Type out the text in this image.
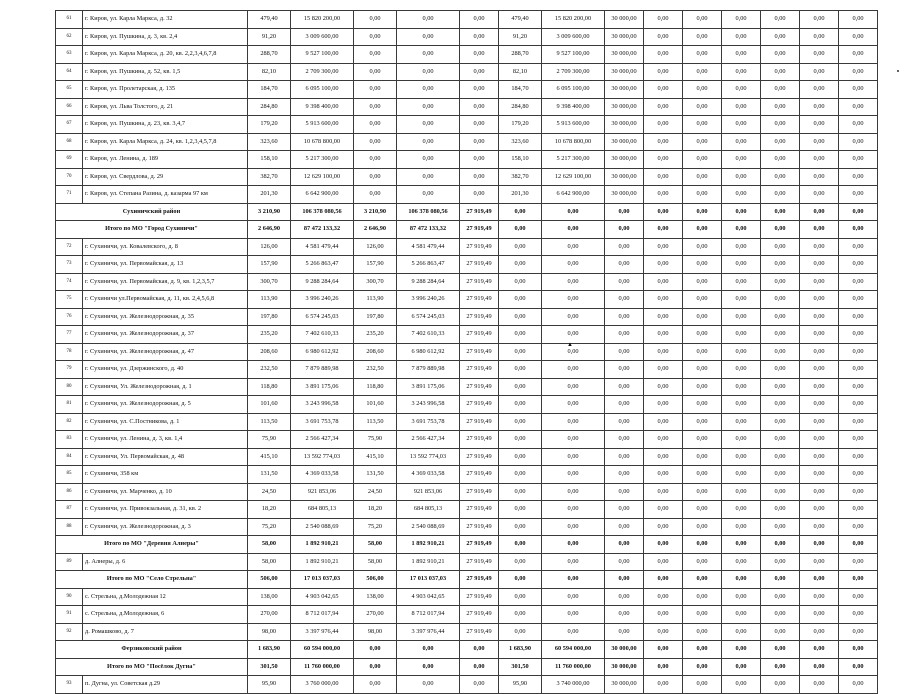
61	г. Киров, ул. Карла Маркса, д. 32	479,40	15 820 200,00	0,00	0,00	0,00	479,40	15 820 200,00	30 000,00	0,00	0,00	0,00	0,00	0,00	0,00
62	г. Киров, ул. Пушкина, д. 3, кв. 2,4	91,20	3 009 600,00	0,00	0,00	0,00	91,20	3 009 600,00	30 000,00	0,00	0,00	0,00	0,00	0,00	0,00
63	г. Киров, ул. Карла Маркса, д. 20, кв. 2,2,3,4,6,7,8	288,70	9 527 100,00	0,00	0,00	0,00	288,70	9 527 100,00	30 000,00	0,00	0,00	0,00	0,00	0,00	0,00
64	г. Киров, ул. Пушкина, д. 52, кв. 1,5	82,10	2 709 300,00	0,00	0,00	0,00	82,10	2 709 300,00	30 000,00	0,00	0,00	0,00	0,00	0,00	0,00
65	г. Киров, ул. Пролетарская, д. 135	184,70	6 095 100,00	0,00	0,00	0,00	184,70	6 095 100,00	30 000,00	0,00	0,00	0,00	0,00	0,00	0,00
66	г. Киров, ул. Льва Толстого, д. 21	284,80	9 398 400,00	0,00	0,00	0,00	284,80	9 398 400,00	30 000,00	0,00	0,00	0,00	0,00	0,00	0,00
67	г. Киров, ул. Пушкина, д. 23, кв. 3,4,7	179,20	5 913 600,00	0,00	0,00	0,00	179,20	5 913 600,00	30 000,00	0,00	0,00	0,00	0,00	0,00	0,00
68	г. Киров, ул. Карла Маркса, д. 24, кв. 1,2,3,4,5,7,8	323,60	10 678 800,00	0,00	0,00	0,00	323,60	10 678 800,00	30 000,00	0,00	0,00	0,00	0,00	0,00	0,00
69	г. Киров, ул. Ленина, д. 189	158,10	5 217 300,00	0,00	0,00	0,00	158,10	5 217 300,00	30 000,00	0,00	0,00	0,00	0,00	0,00	0,00
70	г. Киров, ул. Свердлова, д. 29	382,70	12 629 100,00	0,00	0,00	0,00	382,70	12 629 100,00	30 000,00	0,00	0,00	0,00	0,00	0,00	0,00
71	г. Киров, ул. Степана Разина, д. казарма 97 км	201,30	6 642 900,00	0,00	0,00	0,00	201,30	6 642 900,00	30 000,00	0,00	0,00	0,00	0,00	0,00	0,00
Сухиничский район		3 210,90	106 378 080,56	3 210,90	106 378 080,56	27 919,49	0,00	0,00	0,00	0,00	0,00	0,00	0,00	0,00	0,00
Итого по МО "Город Сухиничи"		2 646,90	87 472 133,32	2 646,90	87 472 133,32	27 919,49	0,00	0,00	0,00	0,00	0,00	0,00	0,00	0,00	0,00
72	г. Сухиничи, ул. Ковалевского, д. 8	126,00	4 581 479,44	126,00	4 581 479,44	27 919,49	0,00	0,00	0,00	0,00	0,00	0,00	0,00	0,00	0,00
73	г. Сухиничи, ул. Первомайская, д. 13	157,90	5 266 863,47	157,90	5 266 863,47	27 919,49	0,00	0,00	0,00	0,00	0,00	0,00	0,00	0,00	0,00
74	г. Сухиничи, ул. Первомайская, д. 9, кв. 1,2,3,5,7	300,70	9 288 284,64	300,70	9 288 284,64	27 919,49	0,00	0,00	0,00	0,00	0,00	0,00	0,00	0,00	0,00
75	г. Сухиничи ул.Первомайская, д. 11, кв. 2,4,5,6,8	113,90	3 996 240,26	113,90	3 996 240,26	27 919,49	0,00	0,00	0,00	0,00	0,00	0,00	0,00	0,00	0,00
76	г. Сухиничи, ул. Железнодорожная, д. 35	197,80	6 574 245,03	197,80	6 574 245,03	27 919,49	0,00	0,00	0,00	0,00	0,00	0,00	0,00	0,00	0,00
77	г. Сухиничи, ул. Железнодорожная, д. 37	235,20	7 402 610,33	235,20	7 402 610,33	27 919,49	0,00	0,00	0,00	0,00	0,00	0,00	0,00	0,00	0,00
78	г. Сухиничи, ул. Железнодорожная, д. 47	208,60	6 980 612,92	208,60	6 980 612,92	27 919,49	0,00	0,00	0,00	0,00	0,00	0,00	0,00	0,00	0,00
79	г. Сухиничи, ул. Дзержинского, д. 40	232,50	7 879 889,98	232,50	7 879 889,98	27 919,49	0,00	0,00	0,00	0,00	0,00	0,00	0,00	0,00	0,00
80	г. Сухиничи, Ул. Железнодорожная, д. 1	118,80	3 891 175,06	118,80	3 891 175,06	27 919,49	0,00	0,00	0,00	0,00	0,00	0,00	0,00	0,00	0,00
81	г. Сухиничи, ул. Железнодорожная, д. 5	101,60	3 243 996,58	101,60	3 243 996,58	27 919,49	0,00	0,00	0,00	0,00	0,00	0,00	0,00	0,00	0,00
82	г. Сухиничи, ул. С.Постникова, д. 1	113,50	3 691 753,78	113,50	3 691 753,78	27 919,49	0,00	0,00	0,00	0,00	0,00	0,00	0,00	0,00	0,00
83	г. Сухиничи, ул. Ленина, д. 3, кв. 1,4	75,90	2 566 427,34	75,90	2 566 427,34	27 919,49	0,00	0,00	0,00	0,00	0,00	0,00	0,00	0,00	0,00
84	г. Сухиничи, Ул. Первомайская, д. 48	415,10	13 592 774,03	415,10	13 592 774,03	27 919,49	0,00	0,00	0,00	0,00	0,00	0,00	0,00	0,00	0,00
85	г. Сухиничи, 358 км	131,50	4 369 033,58	131,50	4 369 033,58	27 919,49	0,00	0,00	0,00	0,00	0,00	0,00	0,00	0,00	0,00
86	г. Сухиничи, ул. Марченко, д. 10	24,50	921 853,06	24,50	921 853,06	27 919,49	0,00	0,00	0,00	0,00	0,00	0,00	0,00	0,00	0,00
87	г. Сухиничи, ул. Привокзальная, д. 31, кв. 2	18,20	684 805,13	18,20	684 805,13	27 919,49	0,00	0,00	0,00	0,00	0,00	0,00	0,00	0,00	0,00
88	г. Сухиничи, ул. Железнодорожная, д. 3	75,20	2 540 088,69	75,20	2 540 088,69	27 919,49	0,00	0,00	0,00	0,00	0,00	0,00	0,00	0,00	0,00
Итого по МО "Деревня Алнеры"		58,00	1 892 910,21	58,00	1 892 910,21	27 919,49	0,00	0,00	0,00	0,00	0,00	0,00	0,00	0,00	0,00
89	д. Алнеры, д. 6	58,00	1 892 910,21	58,00	1 892 910,21	27 919,49	0,00	0,00	0,00	0,00	0,00	0,00	0,00	0,00	0,00
Итого по МО "Село Стрельна"		506,00	17 013 037,03	506,00	17 013 037,03	27 919,49	0,00	0,00	0,00	0,00	0,00	0,00	0,00	0,00	0,00
90	с. Стрельна, д.Молодежная 12	138,00	4 903 042,65	138,00	4 903 042,65	27 919,49	0,00	0,00	0,00	0,00	0,00	0,00	0,00	0,00	0,00
91	с. Стрельна, д.Молодежная, 6	270,00	8 712 017,94	270,00	8 712 017,94	27 919,49	0,00	0,00	0,00	0,00	0,00	0,00	0,00	0,00	0,00
92	д. Ромашково, д. 7	98,00	3 397 976,44	98,00	3 397 976,44	27 919,49	0,00	0,00	0,00	0,00	0,00	0,00	0,00	0,00	0,00
Ферзиковский район		1 683,90	60 594 000,00	0,00	0,00	0,00	1 683,90	60 594 000,00	30 000,00	0,00	0,00	0,00	0,00	0,00	0,00
Итого по МО "Посёлок Дугна"		301,50	11 760 000,00	0,00	0,00	0,00	301,50	11 760 000,00	30 000,00	0,00	0,00	0,00	0,00	0,00	0,00
93	п. Дугна, ул. Советская д.29	95,90	3 760 000,00	0,00	0,00	0,00	95,90	3 740 000,00	30 000,00	0,00	0,00	0,00	0,00	0,00	0,00
▲
